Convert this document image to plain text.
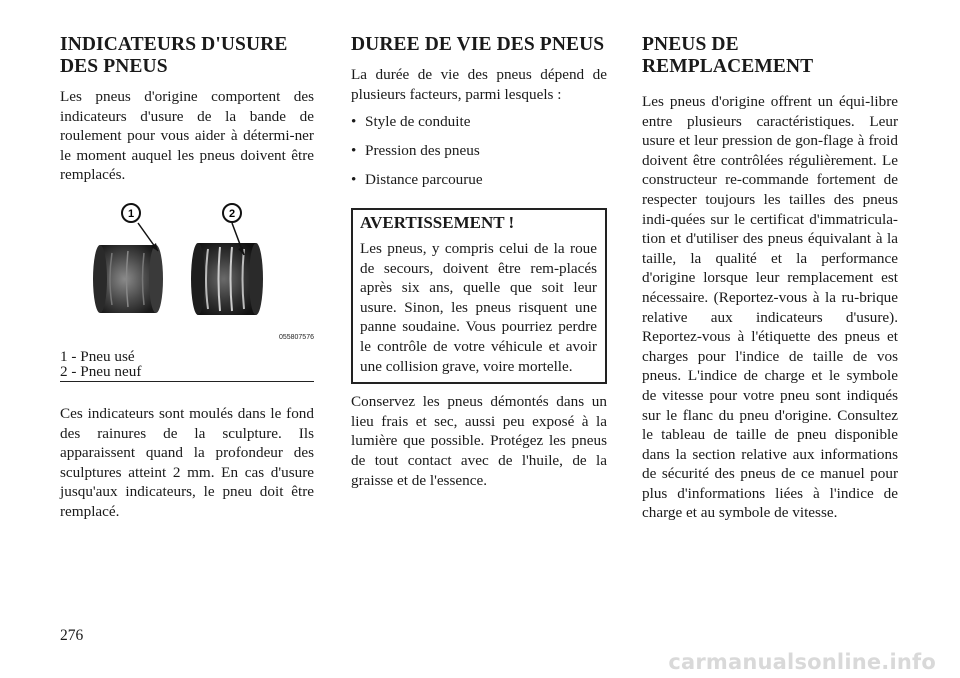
INDICATEURS D'USURE DES PNEUS

Les pneus d'origine comportent des indicateurs d'usure de la bande de roulement pour vous aider à détermi-ner le moment auquel les pneus doivent être remplacés.

1	2
055807576

1 - Pneu usé

2 - Pneu neuf

Ces indicateurs sont moulés dans le fond des rainures de la sculpture. Ils apparaissent quand la profondeur des sculptures atteint 2 mm. En cas d'usure jusqu'aux indicateurs, le pneu doit être remplacé.

DUREE DE VIE DES PNEUS

La durée de vie des pneus dépend de plusieurs facteurs, parmi lesquels :

• Style de conduite
• Pression des pneus
• Distance parcourue
AVERTISSEMENT !

Les pneus, y compris celui de la roue de secours, doivent être rem-placés après six ans, quelle que soit leur usure. Sinon, les pneus risquent une panne soudaine. Vous pourriez perdre le contrôle de votre véhicule et avoir une collision grave, voire mortelle.

Conservez les pneus démontés dans un lieu frais et sec, aussi peu exposé à la lumière que possible. Protégez les pneus de tout contact avec de l'huile, de la graisse et de l'essence.

PNEUS DE REMPLACEMENT

Les pneus d'origine offrent un équi-libre entre plusieurs caractéristiques. Leur usure et leur pression de gon-flage à froid doivent être contrôlées régulièrement. Le constructeur re-commande fortement de respecter toujours les tailles des pneus indi-quées sur le certificat d'immatricula-tion et d'utiliser des pneus équivalant à la taille, la qualité et la performance d'origine lorsque leur remplacement est nécessaire. (Reportez-vous à la ru-brique relative aux indicateurs d'usure). Reportez-vous à l'étiquette des pneus et charges pour l'indice de taille de vos pneus. L'indice de charge et le symbole de vitesse pour votre pneu sont indiqués sur le flanc du pneu d'origine. Consultez le tableau de taille de pneu disponible dans la section relative aux informations de sécurité des pneus de ce manuel pour plus d'informations liées à l'indice de charge et au symbole de vitesse.

276
carmanualsonline.info
